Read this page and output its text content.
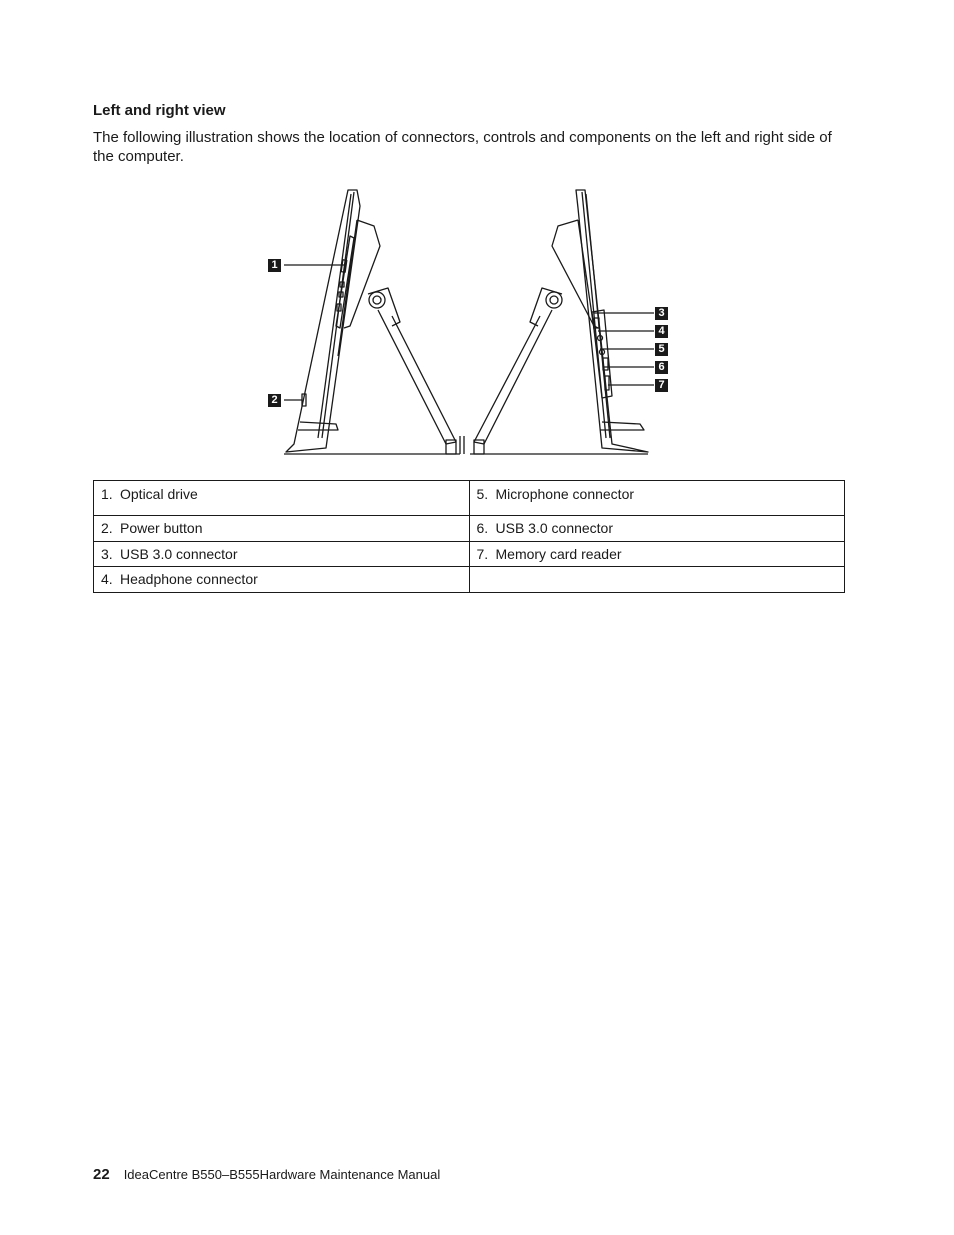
Left and right view

The following illustration shows the location of connectors, controls and components on the left and right side of the computer.

1
2
3
4
5
6
7
1. Optical drive	5. Microphone connector
2. Power button	6. USB 3.0 connector
3. USB 3.0 connector	7. Memory card reader
4. Headphone connector	
22 IdeaCentre B550–B555Hardware Maintenance Manual
